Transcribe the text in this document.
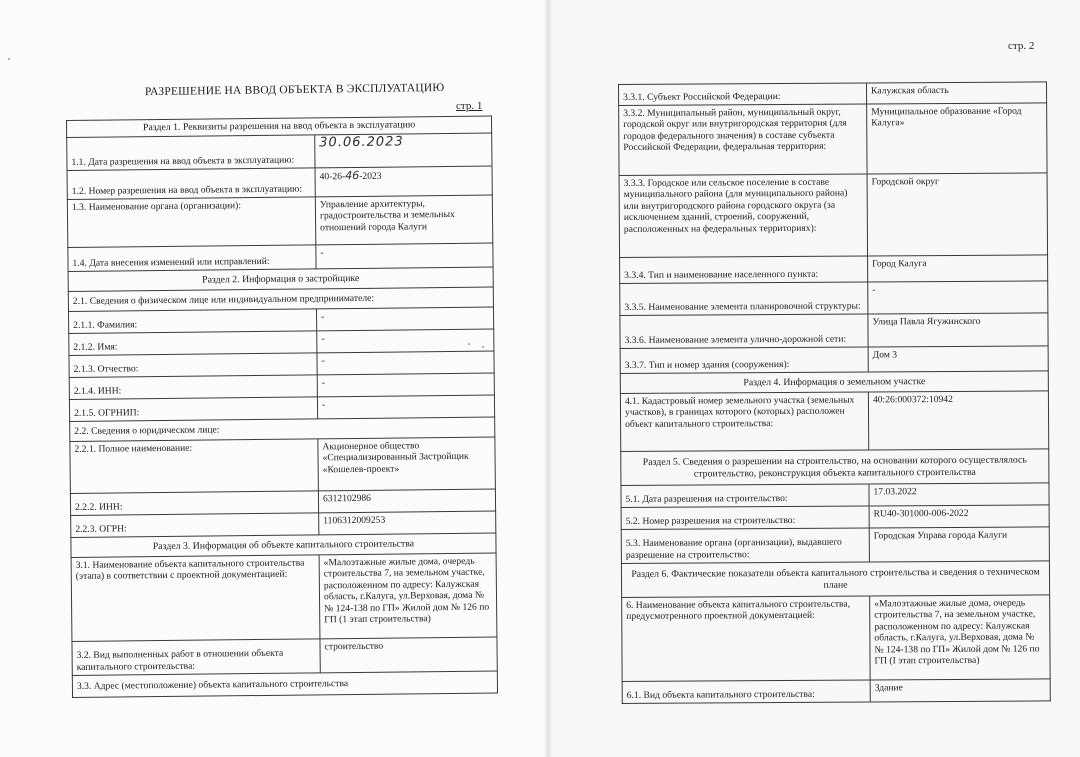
РАЗРЕШЕНИЕ НА ВВОД ОБЪЕКТА В ЭКСПЛУАТАЦИЮ
стр. 1
стр. 2
Раздел 1. Реквизиты разрешения на ввод объекта в эксплуатацию	
1.1. Дата разрешения на ввод объекта в эксплуатацию:	30.06.2023
1.2. Номер разрешения на ввод объекта в эксплуатацию:	40-26-46-2023
1.3. Наименование органа (организации):	Управление архитектуры, градостроительства и земельных отношений города Калуги
1.4. Дата внесения изменений или исправлений:	-
Раздел 2. Информация о застройщике	
2.1. Сведения о физическом лице или индивидуальном предпринимателе:	
2.1.1. Фамилия:	-
2.1.2. Имя:	-
2.1.3. Отчество:	-
2.1.4. ИНН:	-
2.1.5. ОГРНИП:	-
2.2. Сведения о юридическом лице:	
2.2.1. Полное наименование:	Акционерное общество «Специализированный Застройщик «Кошелев-проект»
2.2.2. ИНН:	6312102986
2.2.3. ОГРН:	1106312009253
Раздел 3. Информация об объекте капитального строительства	
3.1. Наименование объекта капитального строительства (этапа) в соответствии с проектной документацией:	«Малоэтажные жилые дома, очередь строительства 7, на земельном участке, расположенном по адресу: Калужская область, г.Калуга, ул.Верховая, дома №№ 124-138 по ГП» Жилой дом № 126 по ГП (1 этап строительства)
3.2. Вид выполненных работ в отношении объекта капитального строительства:	строительство
3.3. Адрес (местоположение) объекта капитального строительства	
3.3.1. Субъект Российской Федерации:	Калужская область
3.3.2. Муниципальный район, муниципальный округ, городской округ или внутригородская территория (для городов федерального значения) в составе субъекта Российской Федерации, федеральная территория:	Муниципальное образование «Город Калуга»
3.3.3. Городское или сельское поселение в составе муниципального района (для муниципального района) или внутригородского района городского округа (за исключением зданий, строений, сооружений, расположенных на федеральных территориях):	Городской округ
3.3.4. Тип и наименование населенного пункта:	Город Калуга
3.3.5. Наименование элемента планировочной структуры:	-
3.3.6. Наименование элемента улично-дорожной сети:	Улица Павла Ягужинского
3.3.7. Тип и номер здания (сооружения):	Дом 3
Раздел 4. Информация о земельном участке	
4.1. Кадастровый номер земельного участка (земельных участков), в границах которого (которых) расположен объект капитального строительства:	40:26:000372:10942
Раздел 5. Сведения о разрешении на строительство, на основании которого осуществлялось строительство, реконструкция объекта капитального строительства	
5.1. Дата разрешения на строительство:	17.03.2022
5.2. Номер разрешения на строительство:	RU40-301000-006-2022
5.3. Наименование органа (организации), выдавшего разрешение на строительство:	Городская Управа города Калуги
Раздел 6. Фактические показатели объекта капитального строительства и сведения о техническом плане	
6. Наименование объекта капитального строительства, предусмотренного проектной документацией:	«Малоэтажные жилые дома, очередь строительства 7, на земельном участке, расположенном по адресу: Калужская область, г.Калуга, ул.Верховая, дома № № 124-138 по ГП» Жилой дом № 126 по ГП (I этап строительства)
6.1. Вид объекта капитального строительства:	Здание
